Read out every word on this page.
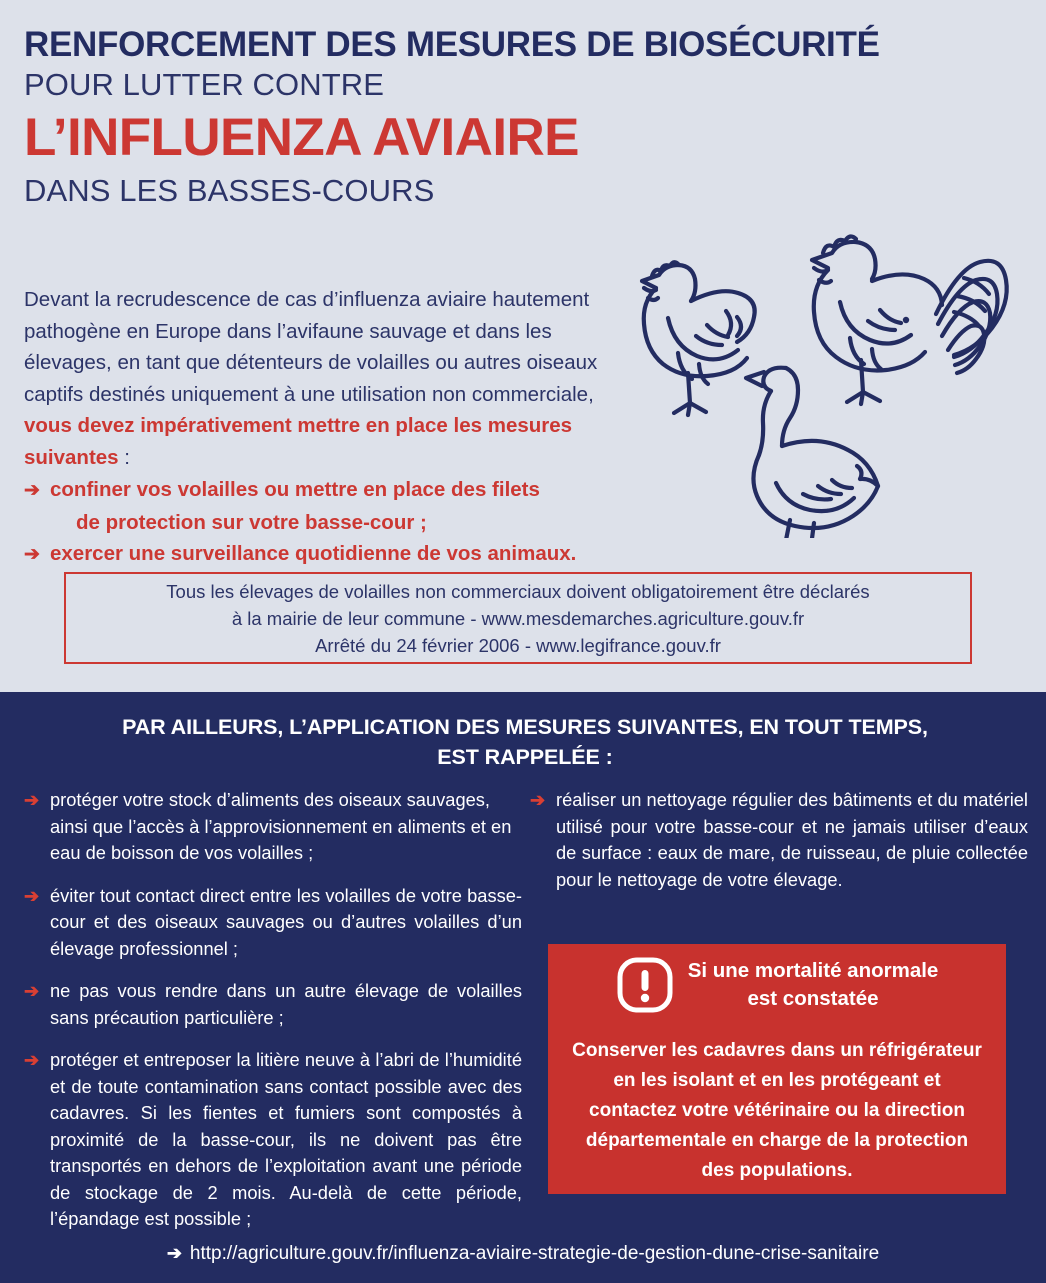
RENFORCEMENT DES MESURES DE BIOSÉCURITÉ
POUR LUTTER CONTRE
L’INFLUENZA AVIAIRE
DANS LES BASSES-COURS
Devant la recrudescence de cas d’influenza aviaire hautement pathogène en Europe dans l’avifaune sauvage et dans les élevages, en tant que détenteurs de volailles ou autres oiseaux captifs destinés uniquement à une utilisation non commerciale, vous devez impérativement mettre en place les mesures suivantes :
➔ confiner vos volailles ou mettre en place des filets
de protection sur votre basse-cour ;
➔ exercer une surveillance quotidienne de vos animaux.
Tous les élevages de volailles non commerciaux doivent obligatoirement être déclarés
à la mairie de leur commune - www.mesdemarches.agriculture.gouv.fr
Arrêté du 24 février 2006 - www.legifrance.gouv.fr
PAR AILLEURS, L’APPLICATION DES MESURES SUIVANTES, EN TOUT TEMPS,
EST RAPPELÉE :
➔ protéger votre stock d’aliments des oiseaux sauvages, ainsi que l’accès à l’approvisionnement en aliments et en eau de boisson de vos volailles ;
➔ éviter tout contact direct entre les volailles de votre basse-cour et des oiseaux sauvages ou d’autres volailles d’un élevage professionnel ;
➔ ne pas vous rendre dans un autre élevage de volailles sans précaution particulière ;
➔ protéger et entreposer la litière neuve à l’abri de l’humidité et de toute contamination sans contact possible avec des cadavres. Si les fientes et fumiers sont compostés à proximité de la basse-cour, ils ne doivent pas être transportés en dehors de l’exploitation avant une période de stockage de 2 mois. Au-delà de cette période, l’épandage est possible ;
➔ réaliser un nettoyage régulier des bâtiments et du matériel utilisé pour votre basse-cour et ne jamais utiliser d’eaux de surface : eaux de mare, de ruisseau, de pluie collectée pour le nettoyage de votre élevage.
Si une mortalité anormale
est constatée
Conserver les cadavres dans un réfrigérateur en les isolant et en les protégeant et contactez votre vétérinaire ou la direction départementale en charge de la protection des populations.
➔ http://agriculture.gouv.fr/influenza-aviaire-strategie-de-gestion-dune-crise-sanitaire
